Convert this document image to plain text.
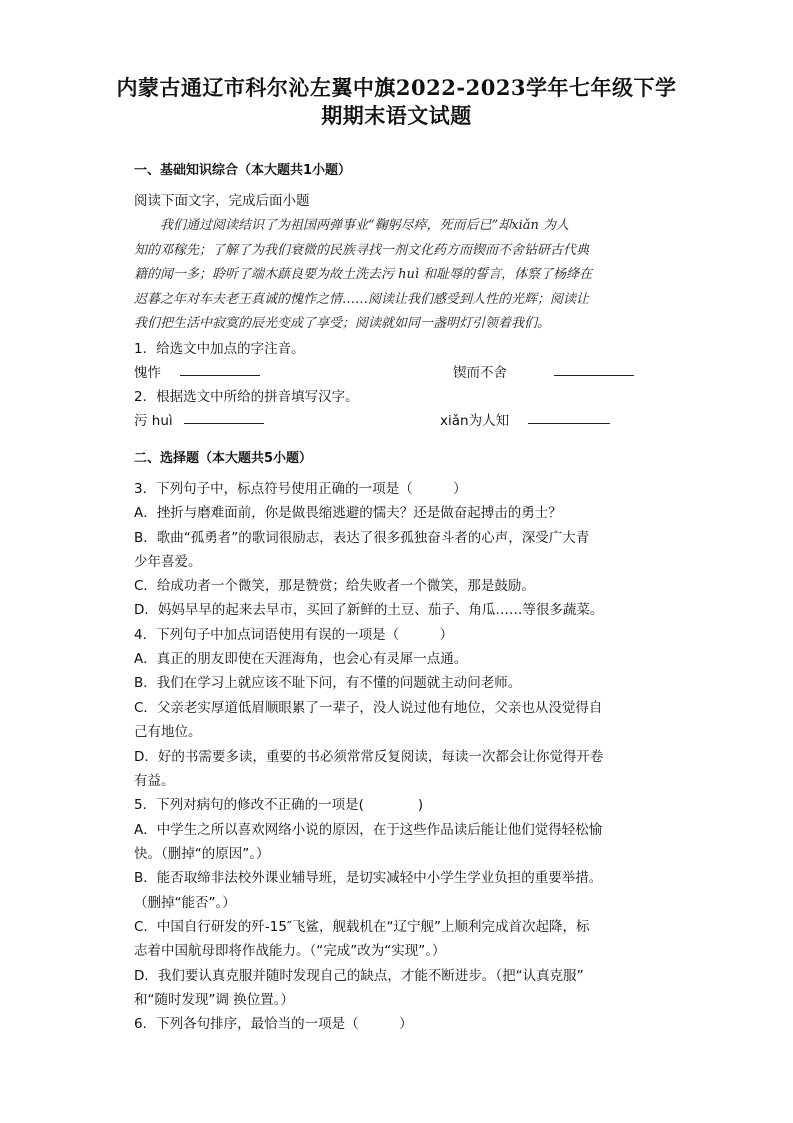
内蒙古通辽市科尔沁左翼中旗2022-2023学年七年级下学
期期末语文试题
一、基础知识综合（本大题共1小题）
阅读下面文字，完成后面小题
我们通过阅读结识了为祖国两弹事业“鞠躬尽瘁，死而后已”却xiǎn 为人
知的邓稼先；了解了为我们衰微的民族寻找一剂文化药方而锲而不舍钻研古代典
籍的闻一多；聆听了端木蕻良要为故土洗去污 huì 和耻辱的誓言，体察了杨绛在
迟暮之年对车夫老王真诚的愧怍之情……阅读让我们感受到人性的光辉；阅读让
我们把生活中寂寞的辰光变成了享受；阅读就如同一盏明灯引领着我们。
1．给选文中加点的字注音。
愧怍	锲而不舍
2．根据选文中所给的拼音填写汉字。
污 huì	xiǎn为人知
二、选择题（本大题共5小题）
3．下列句子中，标点符号使用正确的一项是（　　　）
A．挫折与磨难面前，你是做畏缩逃避的懦夫？还是做奋起搏击的勇士？
B．歌曲“孤勇者”的歌词很励志，表达了很多孤独奋斗者的心声，深受广大青
少年喜爱。
C．给成功者一个微笑，那是赞赏；给失败者一个微笑，那是鼓励。
D．妈妈早早的起来去早市，买回了新鲜的土豆、茄子、角瓜……等很多蔬菜。
4．下列句子中加点词语使用有误的一项是（　　　）
A．真正的朋友即使在天涯海角，也会心有灵犀一点通。
B．我们在学习上就应该不耻下问，有不懂的问题就主动问老师。
C．父亲老实厚道低眉顺眼累了一辈子，没人说过他有地位，父亲也从没觉得自
己有地位。
D．好的书需要多读，重要的书必须常常反复阅读，每读一次都会让你觉得开卷
有益。
5．下列对病句的修改不正确的一项是(　　　　)
A．中学生之所以喜欢网络小说的原因，在于这些作品读后能让他们觉得轻松愉
快。（删掉“的原因”。）
B．能否取缔非法校外课业辅导班，是切实减轻中小学生学业负担的重要举措。
（删掉“能否”。）
C．中国自行研发的歼-15″飞鲨，舰载机在“辽宁舰”上顺利完成首次起降，标
志着中国航母即将作战能力。（“完成”改为“实现”。）
D．我们要认真克服并随时发现自己的缺点，才能不断进步。（把“认真克服”
和“随时发现”调 换位置。）
6．下列各句排序，最恰当的一项是（　　　）
